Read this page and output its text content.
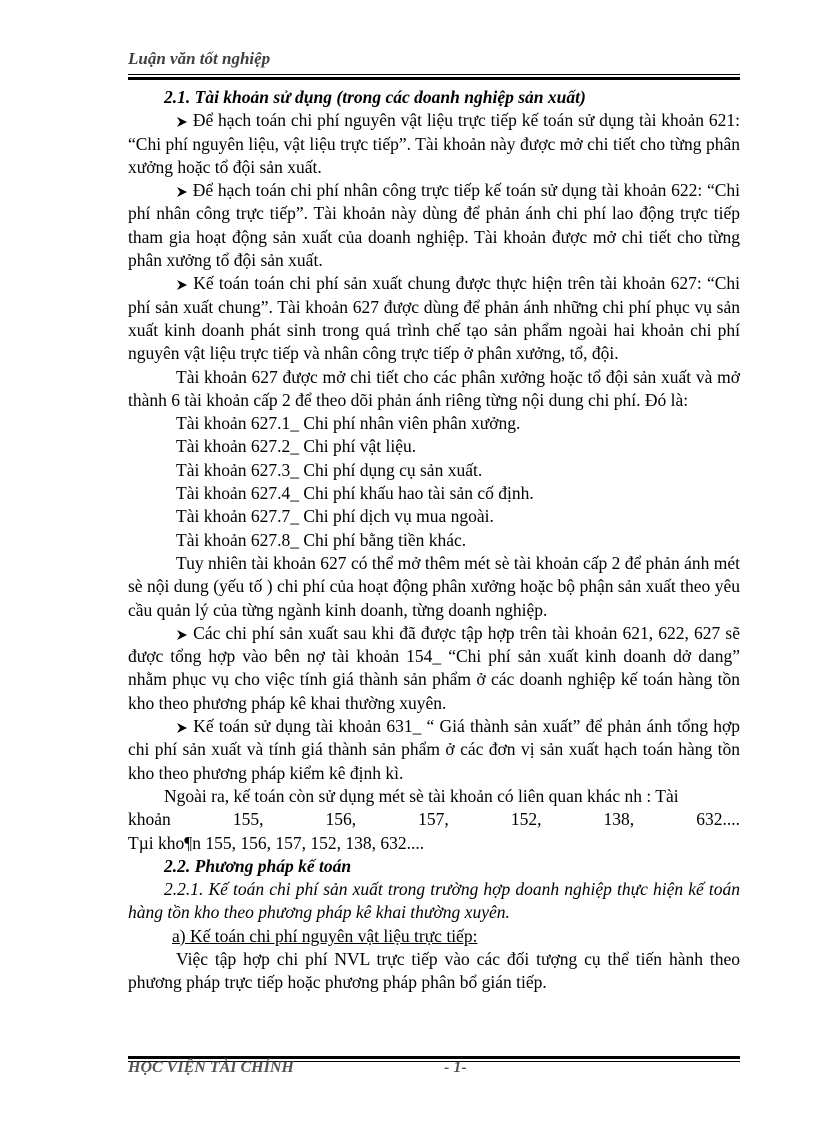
Luận văn tốt nghiệp

2.1. Tài khoản sử dụng (trong các doanh nghiệp sản xuất)

Để hạch toán chi phí nguyên vật liệu trực tiếp kế toán sử dụng tài khoản 621: “Chi phí nguyên liệu, vật liệu trực tiếp”. Tài khoản này được mở chi tiết cho từng phân xưởng hoặc tổ đội sản xuất.

Để hạch toán chi phí nhân công trực tiếp kế toán sử dụng tài khoản 622: “Chi phí nhân công trực tiếp”. Tài khoản này dùng để phản ánh chi phí lao động trực tiếp tham gia hoạt động sản xuất của doanh nghiệp. Tài khoản được mở chi tiết cho từng phân xưởng tổ đội sản xuất.

Kế toán toán chi phí sản xuất chung được thực hiện trên tài khoản 627: “Chi phí sản xuất chung”. Tài khoản 627 được dùng để phản ánh những chi phí phục vụ sản xuất kinh doanh phát sinh trong quá trình chế tạo sản phẩm ngoài hai khoản chi phí nguyên vật liệu trực tiếp và nhân công trực tiếp ở phân xưởng, tổ, đội.

Tài khoản 627 được mở chi tiết cho các phân xưởng hoặc tổ đội sản xuất và mở thành 6 tài khoản cấp 2 để theo dõi phản ánh riêng từng nội dung chi phí. Đó là:

Tài khoản 627.1_ Chi phí nhân viên phân xưởng.

Tài khoản 627.2_ Chi phí vật liệu.

Tài khoản 627.3_ Chi phí dụng cụ sản xuất.

Tài khoản 627.4_ Chi phí khấu hao tài sản cố định.

Tài khoản 627.7_ Chi phí dịch vụ mua ngoài.

Tài khoản 627.8_ Chi phí bằng tiền khác.

Tuy nhiên tài khoản 627 có thể mở thêm mét sè tài khoản cấp 2 để phản ánh mét sè nội dung (yếu tố ) chi phí của hoạt động phân xưởng hoặc bộ phận sản xuất theo yêu cầu quản lý của từng ngành kinh doanh, từng doanh nghiệp.

Các chi phí sản xuất sau khi đã được tập hợp trên tài khoản 621, 622, 627 sẽ được tổng hợp vào bên nợ tài khoản 154_ “Chi phí sản xuất kinh doanh dở dang” nhằm phục vụ cho việc tính giá thành sản phẩm ở các doanh nghiệp kế toán hàng tồn kho theo phương pháp kê khai thường xuyên.

Kế toán sử dụng tài khoản 631_ “ Giá thành sản xuất” để phản ánh tổng hợp chi phí sản xuất và tính giá thành sản phẩm ở các đơn vị sản xuất hạch toán hàng tồn kho theo phương pháp kiểm kê định kì.

Ngoài ra, kế toán còn sử dụng mét sè tài khoản có liên quan khác nh : Tài

khoản	155,	156,	157,	152,	138,	632....

Tµi kho¶n 155, 156, 157, 152, 138, 632....

2.2. Phương pháp kế toán

2.2.1. Kế toán chi phí sản xuất trong trường hợp doanh nghiệp thực hiện kế toán hàng tồn kho theo phương pháp kê khai thường xuyên.

a) Kế toán chi phí nguyên vật liệu trực tiếp:

Việc tập hợp chi phí NVL trực tiếp vào các đối tượng cụ thể tiến hành theo phương pháp trực tiếp hoặc phương pháp phân bổ gián tiếp.

HỌC VIỆN TÀI CHÍNH	- 1-
